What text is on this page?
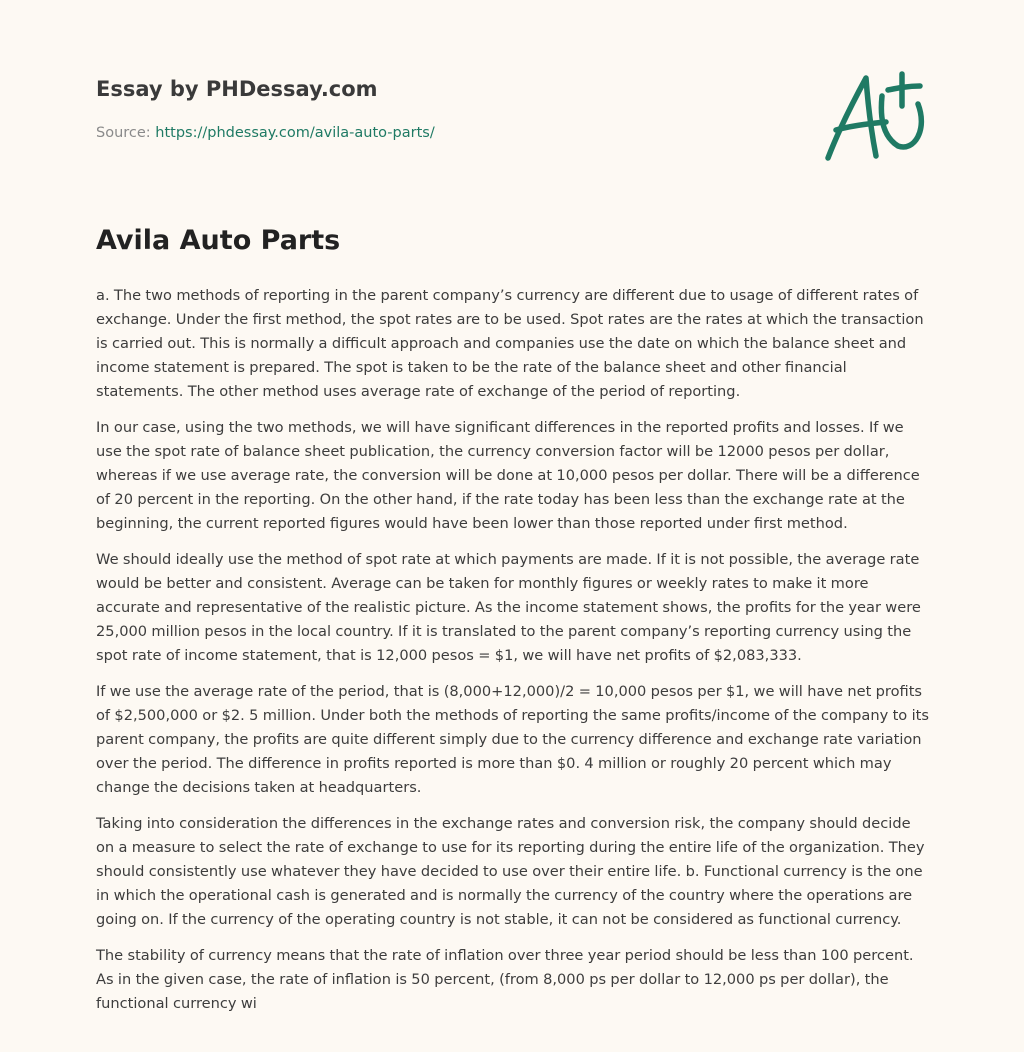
Essay by PHDessay.com
Source: https://phdessay.com/avila-auto-parts/
Avila Auto Parts

a. The two methods of reporting in the parent company’s currency are different due to usage of different rates of exchange. Under the first method, the spot rates are to be used. Spot rates are the rates at which the transaction is carried out. This is normally a difficult approach and companies use the date on which the balance sheet and income statement is prepared. The spot is taken to be the rate of the balance sheet and other financial statements. The other method uses average rate of exchange of the period of reporting.

In our case, using the two methods, we will have significant differences in the reported profits and losses. If we use the spot rate of balance sheet publication, the currency conversion factor will be 12000 pesos per dollar, whereas if we use average rate, the conversion will be done at 10,000 pesos per dollar. There will be a difference of 20 percent in the reporting. On the other hand, if the rate today has been less than the exchange rate at the beginning, the current reported figures would have been lower than those reported under first method.

We should ideally use the method of spot rate at which payments are made. If it is not possible, the average rate would be better and consistent. Average can be taken for monthly figures or weekly rates to make it more accurate and representative of the realistic picture. As the income statement shows, the profits for the year were 25,000 million pesos in the local country. If it is translated to the parent company’s reporting currency using the spot rate of income statement, that is 12,000 pesos = $1, we will have net profits of $2,083,333.

If we use the average rate of the period, that is (8,000+12,000)/2 = 10,000 pesos per $1, we will have net profits of $2,500,000 or $2. 5 million. Under both the methods of reporting the same profits/income of the company to its parent company, the profits are quite different simply due to the currency difference and exchange rate variation over the period. The difference in profits reported is more than $0. 4 million or roughly 20 percent which may change the decisions taken at headquarters.

Taking into consideration the differences in the exchange rates and conversion risk, the company should decide on a measure to select the rate of exchange to use for its reporting during the entire life of the organization. They should consistently use whatever they have decided to use over their entire life. b. Functional currency is the one in which the operational cash is generated and is normally the currency of the country where the operations are going on. If the currency of the operating country is not stable, it can not be considered as functional currency.

The stability of currency means that the rate of inflation over three year period should be less than 100 percent. As in the given case, the rate of inflation is 50 percent, (from 8,000 ps per dollar to 12,000 ps per dollar), the functional currency wi
